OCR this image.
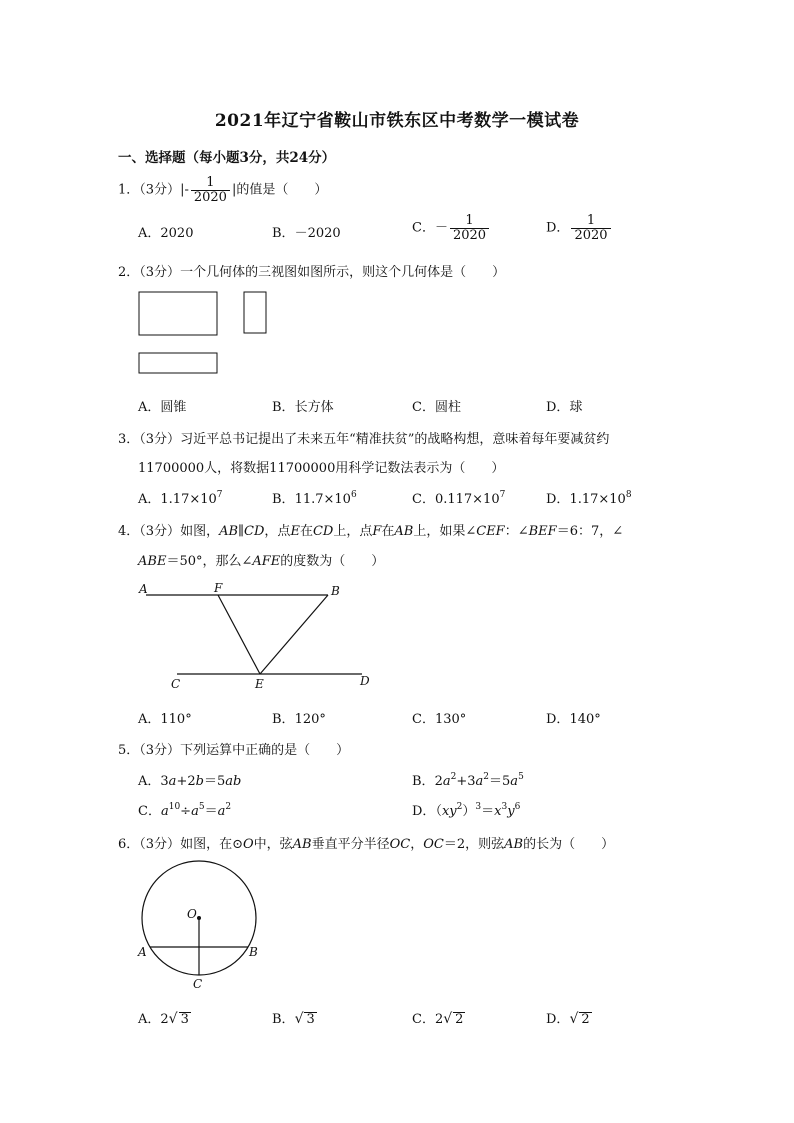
2021年辽宁省鞍山市铁东区中考数学一模试卷
一、选择题（每小题3分，共24分）
1．（3分）|- $\frac{1}{2020}$ |的值是（　　）
A．2020	B．－2020	C．－ $\frac{1}{2020}$	D． $\frac{1}{2020}$
2．（3分）一个几何体的三视图如图所示，则这个几何体是（　　）
A．圆锥	B．长方体	C．圆柱	D．球
3．（3分）习近平总书记提出了未来五年“精准扶贫”的战略构想，意味着每年要减贫约
11700000人，将数据11700000用科学记数法表示为（　　）
A．$1.17\times 10^7$	B．$11.7\times 10^6$	C．$0.117\times 10^7$	D．$1.17\times 10^8$
4．（3分）如图，AB∥CD，点E在CD上，点F在AB上，如果∠CEF：∠BEF＝6：7，∠
ABE＝50°，那么∠AFE的度数为（　　）
A	F	B
C	E	D
A．110°	B．120°	C．130°	D．140°
5．（3分）下列运算中正确的是（　　）
A．3a+2b＝5ab	B．$2a^2+3a^2=5a^5$
C．$a^{10}\div a^5=a^2$	D．$(xy^2)^3=x^3y^6$
6．（3分）如图，在⊙O中，弦AB垂直平分半径OC，OC＝2，则弦AB的长为（　　）
O
A	B
C
A．2√ 3	B．√ 3	C．2√ 2	D．√ 2
